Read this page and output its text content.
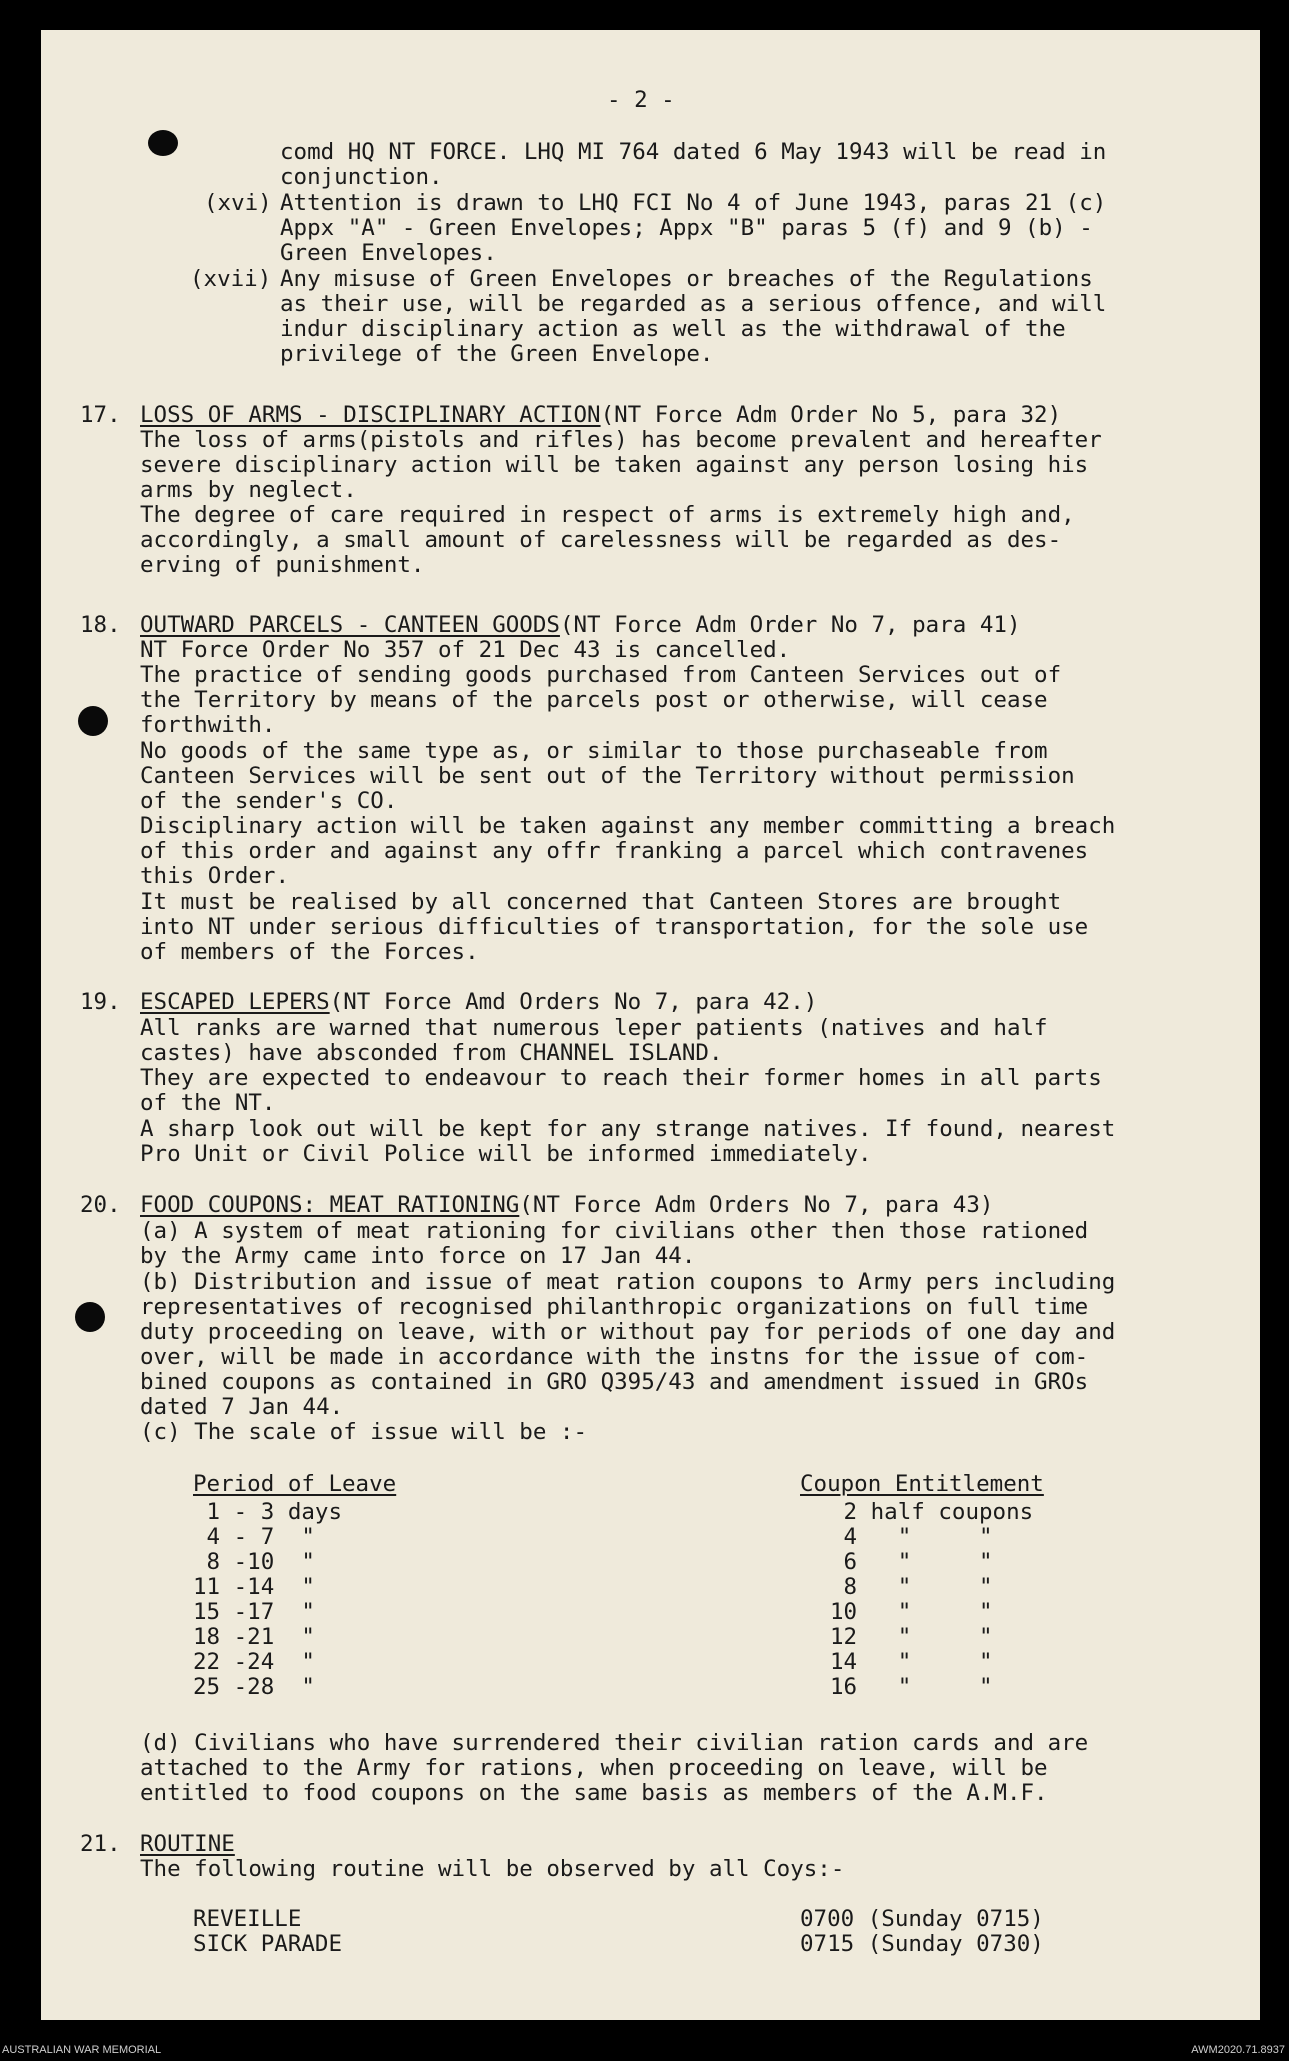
- 2 -
comd HQ NT FORCE. LHQ MI 764 dated 6 May 1943 will be read in
conjunction.
(xvi) Attention is drawn to LHQ FCI No 4 of June 1943, paras 21 (c)
Appx "A" - Green Envelopes; Appx "B" paras 5 (f) and 9 (b) -
Green Envelopes.
(xvii) Any misuse of Green Envelopes or breaches of the Regulations
as their use, will be regarded as a serious offence, and will
indur disciplinary action as well as the withdrawal of the
privilege of the Green Envelope.
17. LOSS OF ARMS - DISCIPLINARY ACTION(NT Force Adm Order No 5, para 32)
The loss of arms(pistols and rifles) has become prevalent and hereafter
severe disciplinary action will be taken against any person losing his
arms by neglect.
The degree of care required in respect of arms is extremely high and,
accordingly, a small amount of carelessness will be regarded as des-
erving of punishment.
18. OUTWARD PARCELS - CANTEEN GOODS(NT Force Adm Order No 7, para 41)
NT Force Order No 357 of 21 Dec 43 is cancelled.
The practice of sending goods purchased from Canteen Services out of
the Territory by means of the parcels post or otherwise, will cease
forthwith.
No goods of the same type as, or similar to those purchaseable from
Canteen Services will be sent out of the Territory without permission
of the sender's CO.
Disciplinary action will be taken against any member committing a breach
of this order and against any offr franking a parcel which contravenes
this Order.
It must be realised by all concerned that Canteen Stores are brought
into NT under serious difficulties of transportation, for the sole use
of members of the Forces.
19. ESCAPED LEPERS(NT Force Amd Orders No 7, para 42.)
All ranks are warned that numerous leper patients (natives and half
castes) have absconded from CHANNEL ISLAND.
They are expected to endeavour to reach their former homes in all parts
of the NT.
A sharp look out will be kept for any strange natives. If found, nearest
Pro Unit or Civil Police will be informed immediately.
20. FOOD COUPONS: MEAT RATIONING(NT Force Adm Orders No 7, para 43)
(a) A system of meat rationing for civilians other then those rationed
by the Army came into force on 17 Jan 44.
(b) Distribution and issue of meat ration coupons to Army pers including
representatives of recognised philanthropic organizations on full time
duty proceeding on leave, with or without pay for periods of one day and
over, will be made in accordance with the instns for the issue of com-
bined coupons as contained in GRO Q395/43 and amendment issued in GROs
dated 7 Jan 44.
(c) The scale of issue will be :-
Period of Leave	Coupon Entitlement
1 - 3 days	2 half coupons
4 - 7  "	4   "     "
8 -10  "	6   "     "
11 -14  "	8   "     "
15 -17  "	10   "     "
18 -21  "	12   "     "
22 -24  "	14   "     "
25 -28  "	16   "     "
(d) Civilians who have surrendered their civilian ration cards and are
attached to the Army for rations, when proceeding on leave, will be
entitled to food coupons on the same basis as members of the A.M.F.
21. ROUTINE
The following routine will be observed by all Coys:-
REVEILLE	0700 (Sunday 0715)
SICK PARADE	0715 (Sunday 0730)
AUSTRALIAN WAR MEMORIAL	AWM2020.71.8937
